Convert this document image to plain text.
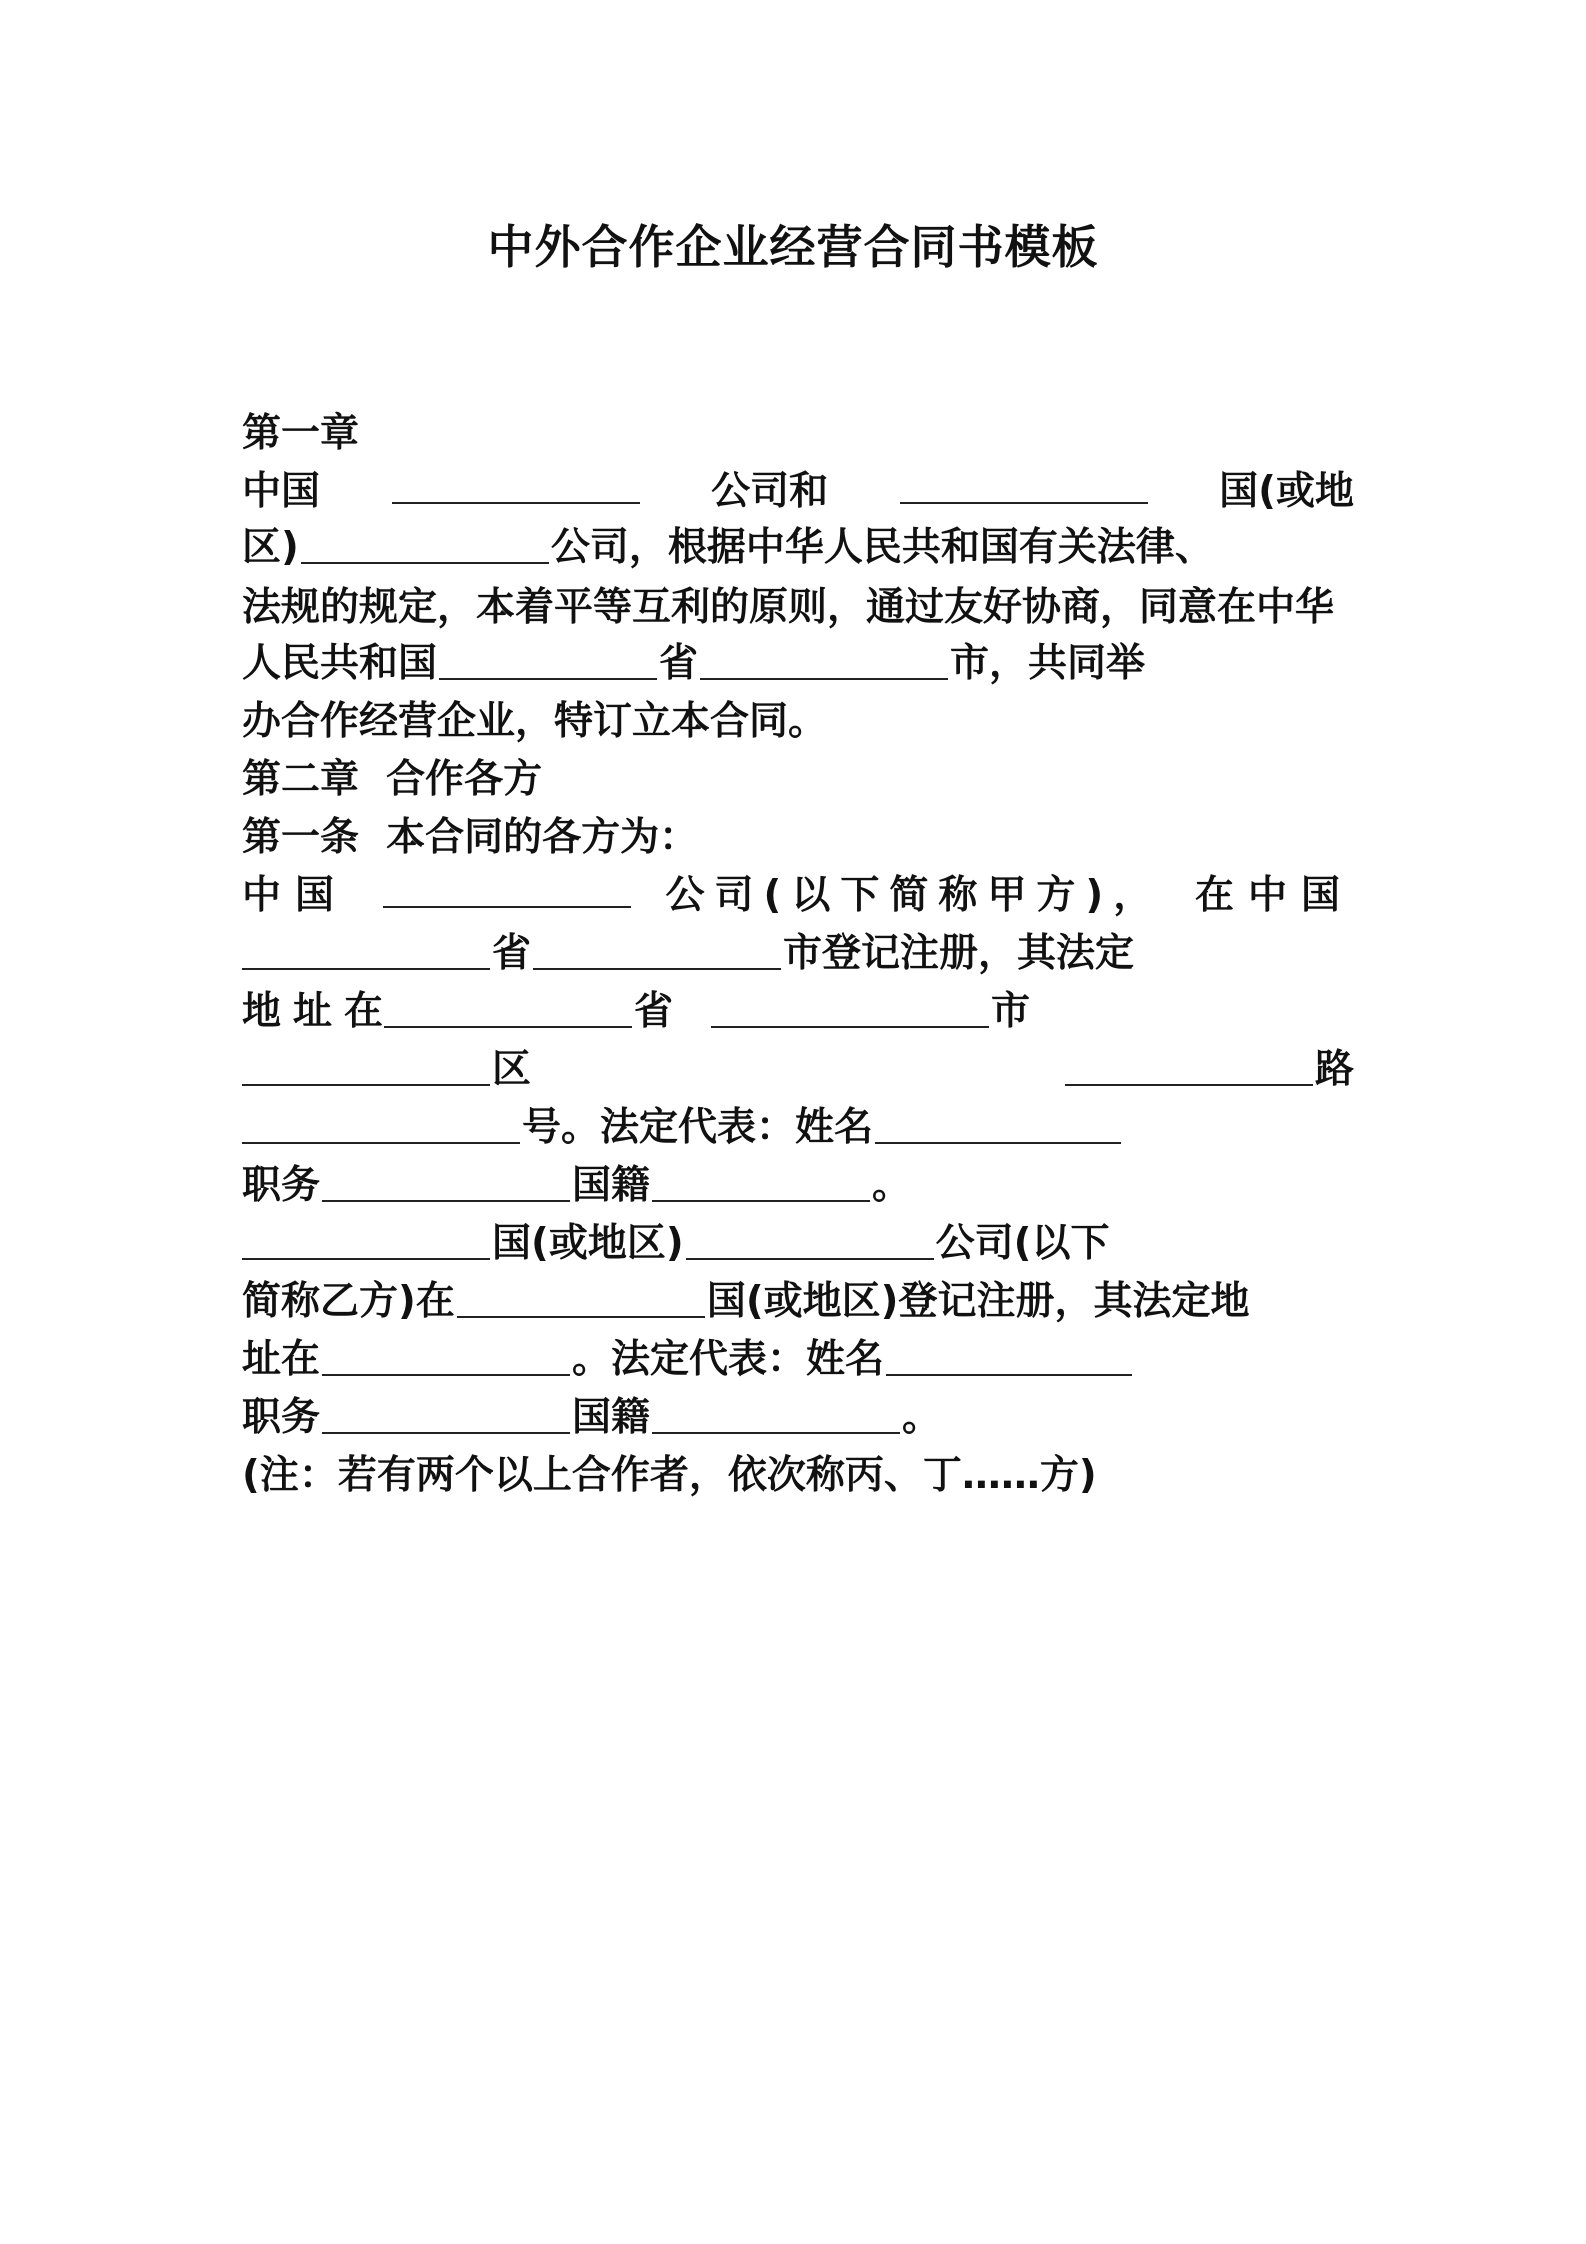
中外合作企业经营合同书模板
第一章
中国	公司和	国(或地
区)	公司，根据中华人民共和国有关法律、
法规的规定，本着平等互利的原则，通过友好协商，同意在中华
人民共和国	省	市，共同举
办合作经营企业，特订立本合同。
第二章  合作各方
第一条  本合同的各方为：
中国	公司(以下简称甲方)， 在中国
省	市登记注册，其法定
地址在	省	市
区	路
号。法定代表：姓名
职务	国籍	。
国(或地区)	公司(以下
简称乙方)在	国(或地区)登记注册，其法定地
址在	。法定代表：姓名
职务	国籍	。
(注：若有两个以上合作者，依次称丙、丁……方)
